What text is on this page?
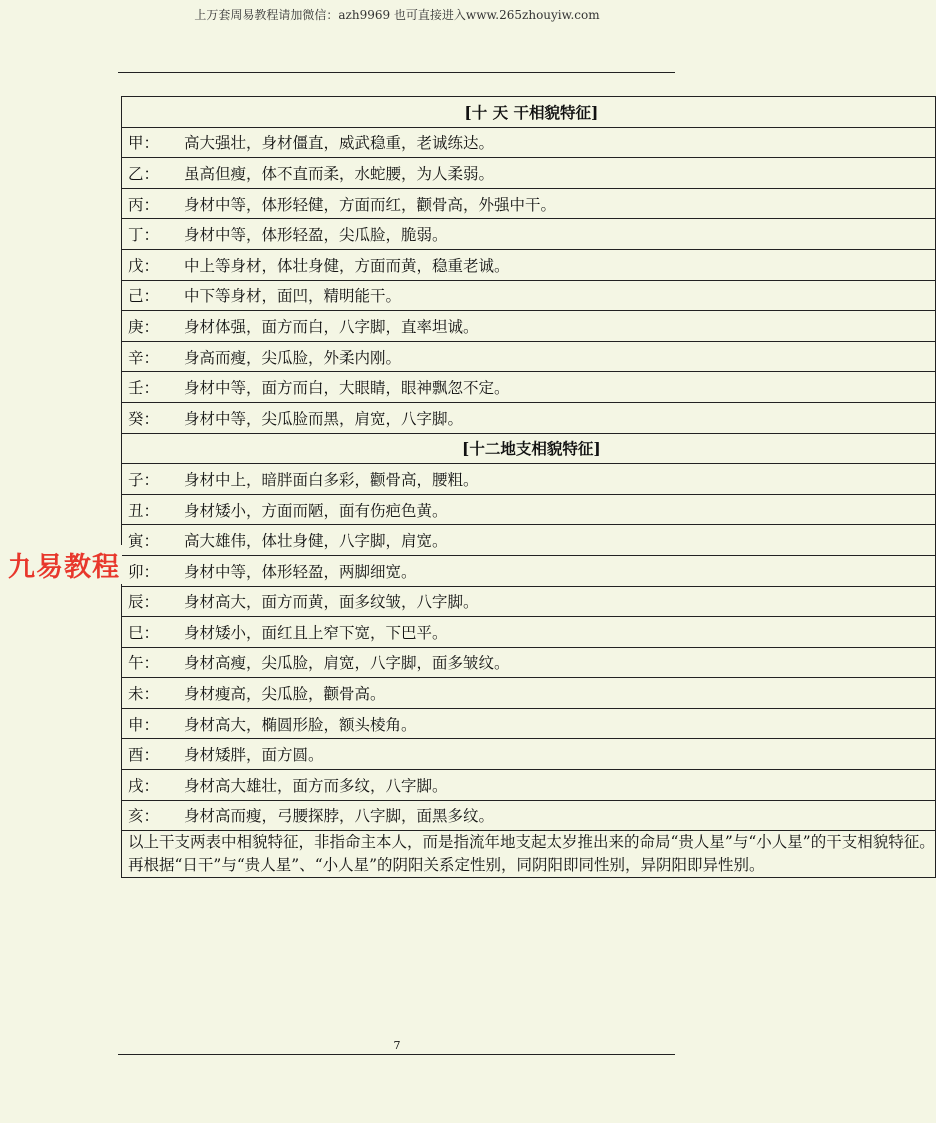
上万套周易教程请加微信：azh9969 也可直接进入www.265zhouyiw.com
[十 天 干相貌特征]
甲： 高大强壮，身材僵直，威武稳重，老诚练达。
乙： 虽高但瘦，体不直而柔，水蛇腰，为人柔弱。
丙： 身材中等，体形轻健，方面而红，颧骨高，外强中干。
丁： 身材中等，体形轻盈，尖瓜脸，脆弱。
戊： 中上等身材，体壮身健，方面而黄，稳重老诚。
己： 中下等身材，面凹，精明能干。
庚： 身材体强，面方而白，八字脚，直率坦诚。
辛： 身高而瘦，尖瓜脸，外柔内刚。
壬： 身材中等，面方而白，大眼睛，眼神飘忽不定。
癸： 身材中等，尖瓜脸而黑，肩宽，八字脚。
[十二地支相貌特征]
子： 身材中上，暗胖面白多彩，颧骨高，腰粗。
丑： 身材矮小，方面而陋，面有伤疤色黄。
寅： 高大雄伟，体壮身健，八字脚，肩宽。
卯： 身材中等，体形轻盈，两脚细宽。
辰： 身材高大，面方而黄，面多纹皱，八字脚。
巳： 身材矮小，面红且上窄下宽，下巴平。
午： 身材高瘦，尖瓜脸，肩宽，八字脚，面多皱纹。
未： 身材瘦高，尖瓜脸，颧骨高。
申： 身材高大，椭圆形脸，额头棱角。
酉： 身材矮胖，面方圆。
戌： 身材高大雄壮，面方而多纹，八字脚。
亥： 身材高而瘦，弓腰探脖，八字脚，面黑多纹。

以上干支两表中相貌特征，非指命主本人，而是指流年地支起太岁推出来的命局“贵人星”与“小人星”的干支相貌特征。
再根据“日干”与“贵人星”、“小人星”的阴阳关系定性别，同阴阳即同性别，异阴阳即异性别。
九易教程
7
